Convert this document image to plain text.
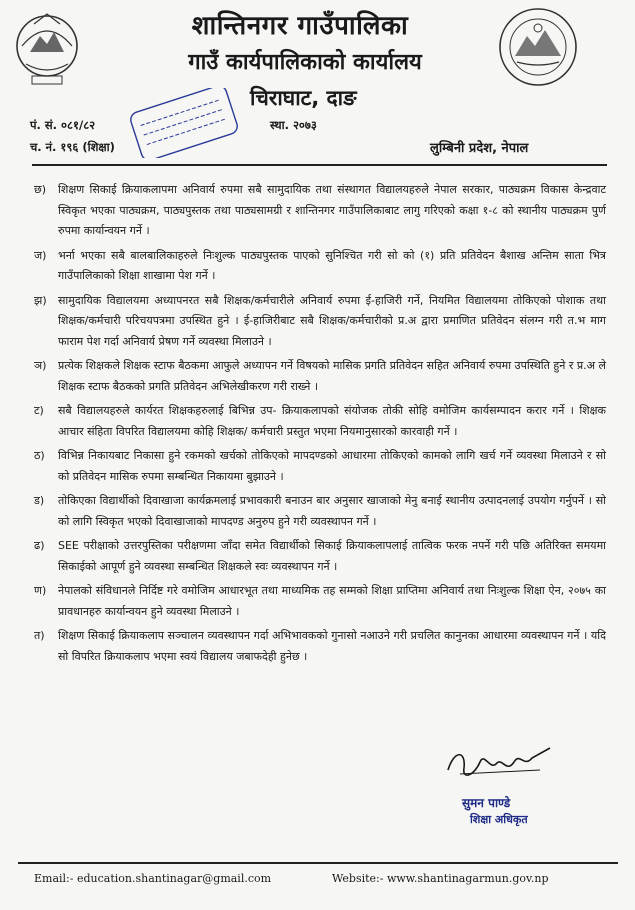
शान्तिनगर गाउँपालिका
गाउँ कार्यपालिकाको कार्यालय
चिराघाट, दाङ
पं. सं. ०८१/८२
च. नं. १९६ (शिक्षा)
स्था. २०७३
लुम्बिनी प्रदेश, नेपाल
छ)	शिक्षण सिकाई क्रियाकलापमा अनिवार्य रुपमा सबै सामुदायिक तथा संस्थागत विद्यालयहरुले नेपाल सरकार, पाठ्यक्रम विकास केन्द्रवाट स्विकृत भएका पाठ्यक्रम, पाठ्यपुस्तक तथा पाठ्यसामग्री र शान्तिनगर गाउँपालिकाबाट लागु गरिएको कक्षा १-८ को स्थानीय पाठ्यक्रम पुर्ण रुपमा कार्यान्वयन गर्ने ।
ज)	भर्ना भएका सबै बालबालिकाहरुले निःशुल्क पाठ्यपुस्तक पाएको सुनिश्चित गरी सो को (१) प्रति प्रतिवेदन बैशाख अन्तिम साता भित्र गाउँपालिकाको शिक्षा शाखामा पेश गर्ने ।
झ)	सामुदायिक विद्यालयमा अध्यापनरत सबै शिक्षक/कर्मचारीले अनिवार्य रुपमा ई-हाजिरी गर्ने, नियमित विद्यालयमा तोकिएको पोशाक तथा शिक्षक/कर्मचारी परिचयपत्रमा उपस्थित हुने । ई-हाजिरीबाट सबै शिक्षक/कर्मचारीको प्र.अ द्वारा प्रमाणित प्रतिवेदन संलग्न गरी त.भ माग फाराम पेश गर्दा अनिवार्य प्रेषण गर्ने व्यवस्था मिलाउने ।
ञ)	प्रत्येक शिक्षकले शिक्षक स्टाफ बैठकमा आफुले अध्यापन गर्ने विषयको मासिक प्रगति प्रतिवेदन सहित अनिवार्य रुपमा उपस्थिति हुने र प्र.अ ले शिक्षक स्टाफ बैठकको प्रगति प्रतिवेदन अभिलेखीकरण गरी राख्ने ।
ट)	सबै विद्यालयहरुले कार्यरत शिक्षकहरुलाई बिभिन्न उप- क्रियाकलापको संयोजक तोकी सोहि वमोजिम कार्यसम्पादन करार गर्ने । शिक्षक आचार संहिता विपरित विद्यालयमा कोहि शिक्षक/ कर्मचारी प्रस्तुत भएमा नियमानुसारको कारवाही गर्ने ।
ठ)	विभिन्न निकायबाट निकासा हुने रकमको खर्चको तोकिएको मापदण्डको आधारमा तोकिएको कामको लागि खर्च गर्ने व्यवस्था मिलाउने र सो को प्रतिवेदन मासिक रुपमा सम्बन्धित निकायमा बुझाउने ।
ड)	तोकिएका विद्यार्थीको दिवाखाजा कार्यक्रमलाई प्रभावकारी बनाउन बार अनुसार खाजाको मेनु बनाई स्थानीय उत्पादनलाई उपयोग गर्नुपर्ने । सो को लागि स्विकृत भएको दिवाखाजाको मापदण्ड अनुरुप हुने गरी व्यवस्थापन गर्ने ।
ढ)	SEE परीक्षाको उत्तरपुस्तिका परीक्षणमा जाँदा समेत विद्यार्थीको सिकाई क्रियाकलापलाई तात्विक फरक नपर्ने गरी पछि अतिरिक्त समयमा सिकाईको आपूर्ण हुने व्यवस्था सम्बन्धित शिक्षकले स्वः व्यवस्थापन गर्ने ।
ण)	नेपालको संविधानले निर्दिष्ट गरे वमोजिम आधारभूत तथा माध्यमिक तह सम्मको शिक्षा प्राप्तिमा अनिवार्य तथा निःशुल्क शिक्षा ऐन, २०७५ का प्रावधानहरु कार्यान्वयन हुने व्यवस्था मिलाउने ।
त)	शिक्षण सिकाई क्रियाकलाप सञ्चालन व्यवस्थापन गर्दा अभिभावकको गुनासो नआउने गरी प्रचलित कानुनका आधारमा व्यवस्थापन गर्ने । यदि सो विपरित क्रियाकलाप भएमा स्वयं विद्यालय जबाफदेही हुनेछ ।
सुमन पाण्डे
शिक्षा अधिकृत
Email:- education.shantinagar@gmail.com	Website:- www.shantinagarmun.gov.np
